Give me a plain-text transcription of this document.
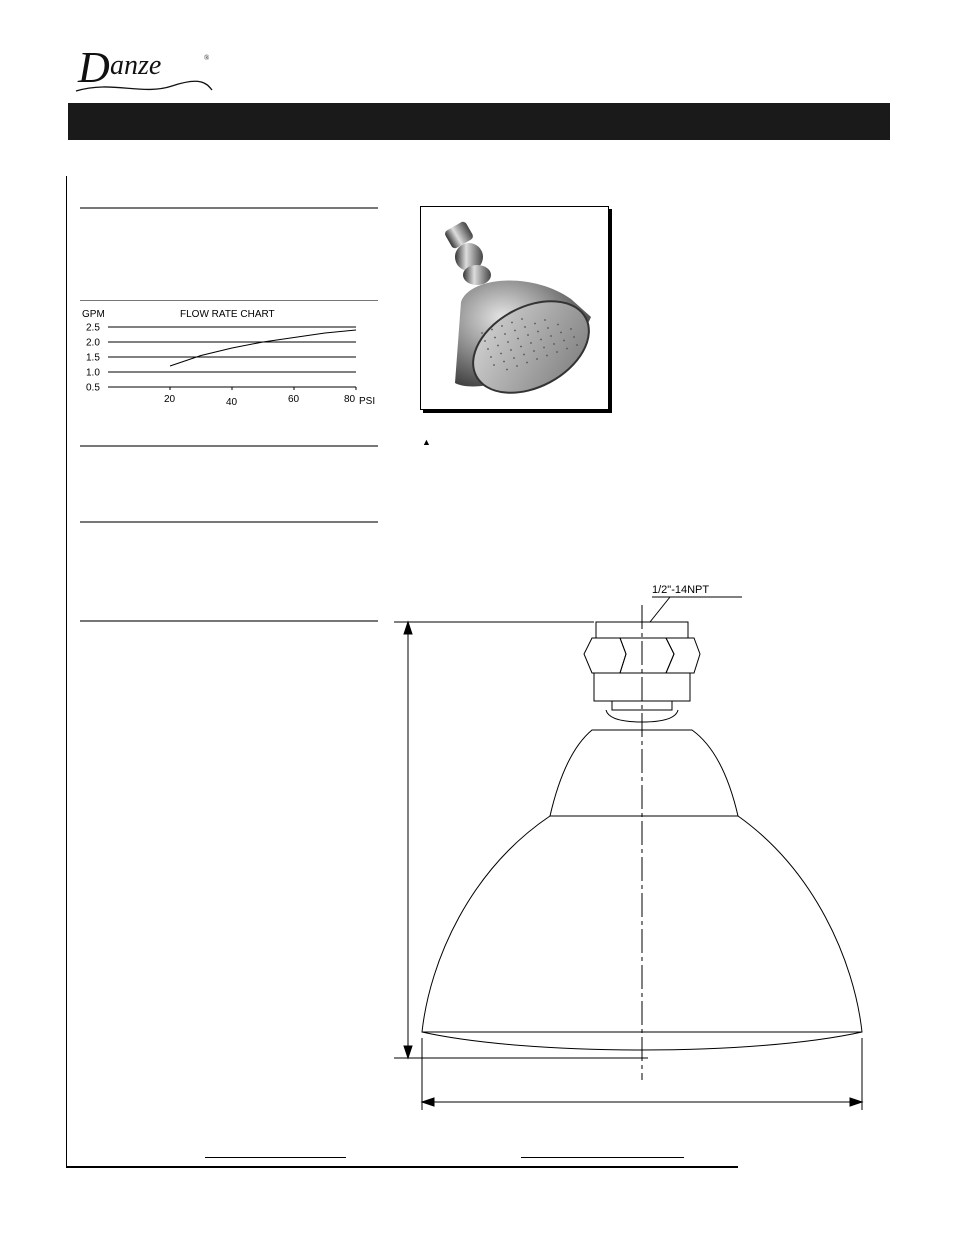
D anze	®
GPM	FLOW RATE CHART
2.5
2.0
1.5
1.0
0.5
20	40	60	80 PSI
▲
1/2"-14NPT
